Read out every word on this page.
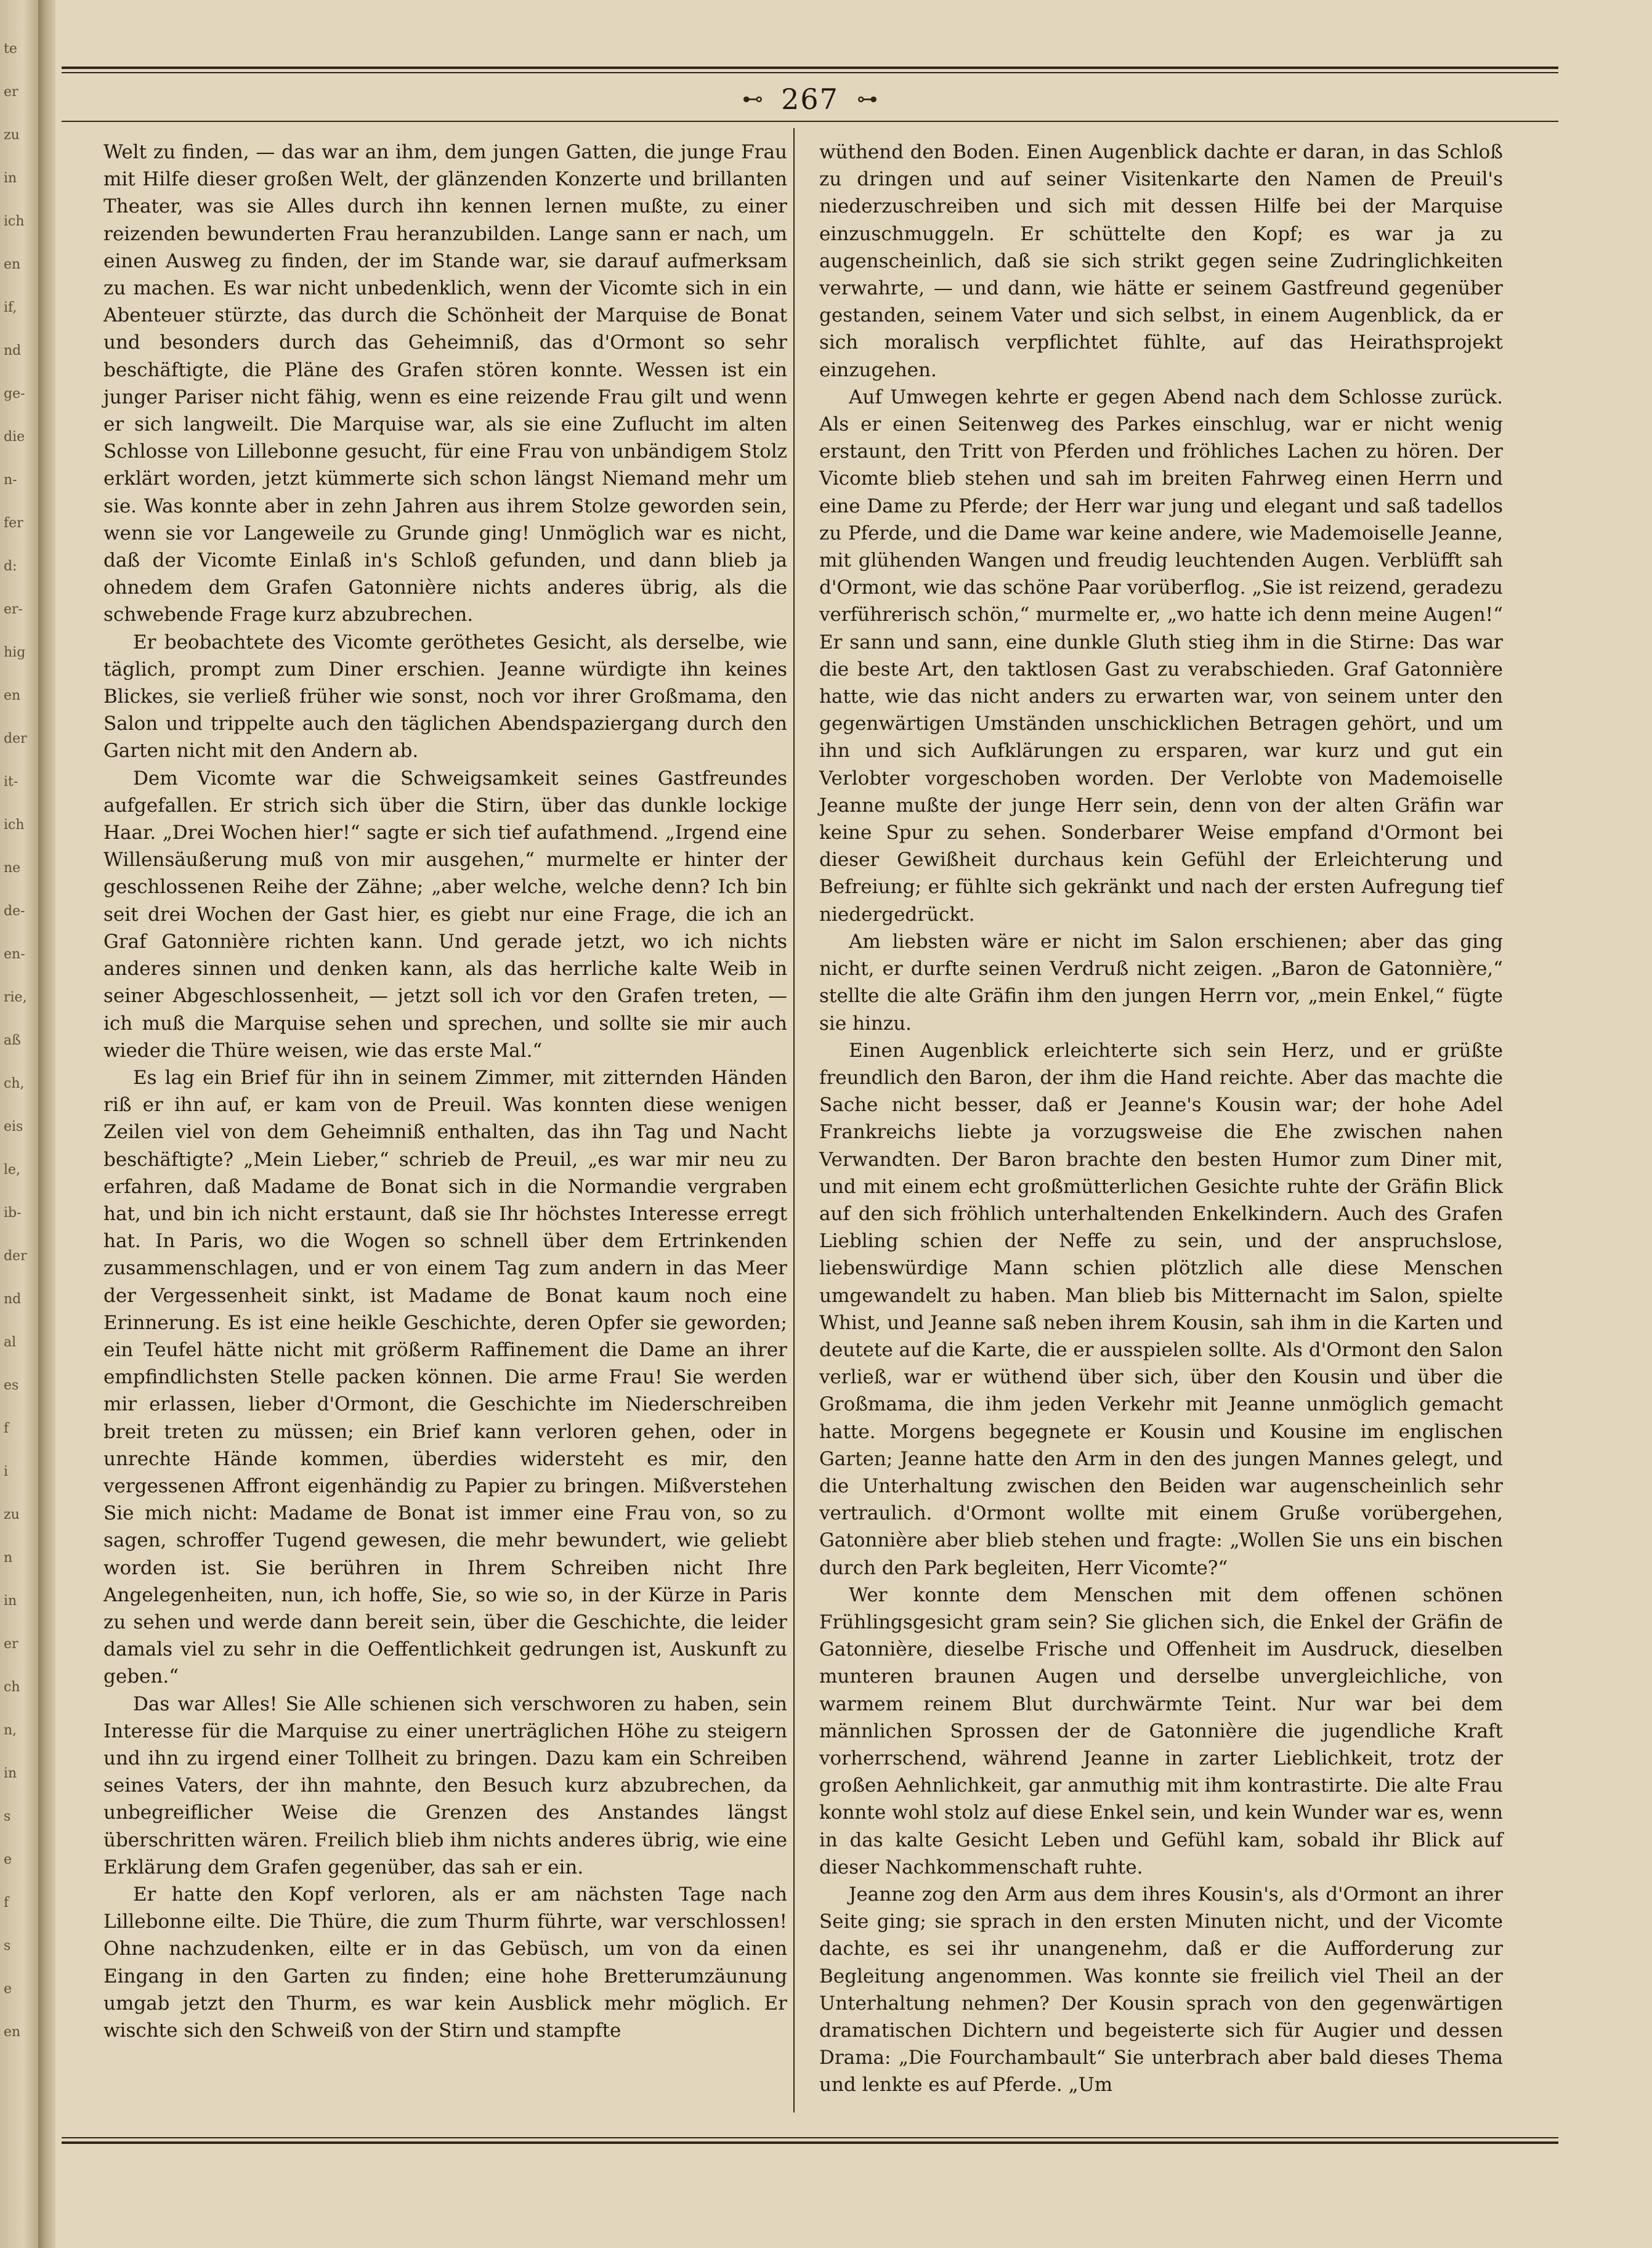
te
er
zu
in
ich
en
if,
nd
ge-
die
n-
fer
d:
er-
hig
en
der
it-
ich
ne
de-
en-
rie,
aß
ch,
eis
le,
ib-
der
nd
al
es
f
i
zu
n
in
er
ch
n,
in
s
e
f
s
e
en
⊷ 267 ⊶

Welt zu finden, — das war an ihm, dem jungen Gatten, die junge Frau mit Hilfe dieser großen Welt, der glänzenden Konzerte und brillanten Theater, was sie Alles durch ihn kennen lernen mußte, zu einer reizenden bewunderten Frau heranzubilden. Lange sann er nach, um einen Ausweg zu finden, der im Stande war, sie darauf aufmerksam zu machen. Es war nicht unbedenklich, wenn der Vicomte sich in ein Abenteuer stürzte, das durch die Schönheit der Marquise de Bonat und besonders durch das Geheimniß, das d'Ormont so sehr beschäftigte, die Pläne des Grafen stören konnte. Wessen ist ein junger Pariser nicht fähig, wenn es eine reizende Frau gilt und wenn er sich langweilt. Die Marquise war, als sie eine Zuflucht im alten Schlosse von Lillebonne gesucht, für eine Frau von unbändigem Stolz erklärt worden, jetzt kümmerte sich schon längst Niemand mehr um sie. Was konnte aber in zehn Jahren aus ihrem Stolze geworden sein, wenn sie vor Langeweile zu Grunde ging! Unmöglich war es nicht, daß der Vicomte Einlaß in's Schloß gefunden, und dann blieb ja ohnedem dem Grafen Gatonnière nichts anderes übrig, als die schwebende Frage kurz abzubrechen.

Er beobachtete des Vicomte geröthetes Gesicht, als derselbe, wie täglich, prompt zum Diner erschien. Jeanne würdigte ihn keines Blickes, sie verließ früher wie sonst, noch vor ihrer Großmama, den Salon und trippelte auch den täglichen Abendspaziergang durch den Garten nicht mit den Andern ab.

Dem Vicomte war die Schweigsamkeit seines Gastfreundes aufgefallen. Er strich sich über die Stirn, über das dunkle lockige Haar. „Drei Wochen hier!“ sagte er sich tief aufathmend. „Irgend eine Willensäußerung muß von mir ausgehen,“ murmelte er hinter der geschlossenen Reihe der Zähne; „aber welche, welche denn? Ich bin seit drei Wochen der Gast hier, es giebt nur eine Frage, die ich an Graf Gatonnière richten kann. Und gerade jetzt, wo ich nichts anderes sinnen und denken kann, als das herrliche kalte Weib in seiner Abgeschlossenheit, — jetzt soll ich vor den Grafen treten, — ich muß die Marquise sehen und sprechen, und sollte sie mir auch wieder die Thüre weisen, wie das erste Mal.“

Es lag ein Brief für ihn in seinem Zimmer, mit zitternden Händen riß er ihn auf, er kam von de Preuil. Was konnten diese wenigen Zeilen viel von dem Geheimniß enthalten, das ihn Tag und Nacht beschäftigte? „Mein Lieber,“ schrieb de Preuil, „es war mir neu zu erfahren, daß Madame de Bonat sich in die Normandie vergraben hat, und bin ich nicht erstaunt, daß sie Ihr höchstes Interesse erregt hat. In Paris, wo die Wogen so schnell über dem Ertrinkenden zusammenschlagen, und er von einem Tag zum andern in das Meer der Vergessenheit sinkt, ist Madame de Bonat kaum noch eine Erinnerung. Es ist eine heikle Geschichte, deren Opfer sie geworden; ein Teufel hätte nicht mit größerm Raffinement die Dame an ihrer empfindlichsten Stelle packen können. Die arme Frau! Sie werden mir erlassen, lieber d'Ormont, die Geschichte im Niederschreiben breit treten zu müssen; ein Brief kann verloren gehen, oder in unrechte Hände kommen, überdies widersteht es mir, den vergessenen Affront eigenhändig zu Papier zu bringen. Mißverstehen Sie mich nicht: Madame de Bonat ist immer eine Frau von, so zu sagen, schroffer Tugend gewesen, die mehr bewundert, wie geliebt worden ist. Sie berühren in Ihrem Schreiben nicht Ihre Angelegenheiten, nun, ich hoffe, Sie, so wie so, in der Kürze in Paris zu sehen und werde dann bereit sein, über die Geschichte, die leider damals viel zu sehr in die Oeffentlichkeit gedrungen ist, Auskunft zu geben.“

Das war Alles! Sie Alle schienen sich verschworen zu haben, sein Interesse für die Marquise zu einer unerträglichen Höhe zu steigern und ihn zu irgend einer Tollheit zu bringen. Dazu kam ein Schreiben seines Vaters, der ihn mahnte, den Besuch kurz abzubrechen, da unbegreiflicher Weise die Grenzen des Anstandes längst überschritten wären. Freilich blieb ihm nichts anderes übrig, wie eine Erklärung dem Grafen gegenüber, das sah er ein.

Er hatte den Kopf verloren, als er am nächsten Tage nach Lillebonne eilte. Die Thüre, die zum Thurm führte, war verschlossen! Ohne nachzudenken, eilte er in das Gebüsch, um von da einen Eingang in den Garten zu finden; eine hohe Bretterumzäunung umgab jetzt den Thurm, es war kein Ausblick mehr möglich. Er wischte sich den Schweiß von der Stirn und stampfte

wüthend den Boden. Einen Augenblick dachte er daran, in das Schloß zu dringen und auf seiner Visitenkarte den Namen de Preuil's niederzuschreiben und sich mit dessen Hilfe bei der Marquise einzuschmuggeln. Er schüttelte den Kopf; es war ja zu augenscheinlich, daß sie sich strikt gegen seine Zudringlichkeiten verwahrte, — und dann, wie hätte er seinem Gastfreund gegenüber gestanden, seinem Vater und sich selbst, in einem Augenblick, da er sich moralisch verpflichtet fühlte, auf das Heirathsprojekt einzugehen.

Auf Umwegen kehrte er gegen Abend nach dem Schlosse zurück. Als er einen Seitenweg des Parkes einschlug, war er nicht wenig erstaunt, den Tritt von Pferden und fröhliches Lachen zu hören. Der Vicomte blieb stehen und sah im breiten Fahrweg einen Herrn und eine Dame zu Pferde; der Herr war jung und elegant und saß tadellos zu Pferde, und die Dame war keine andere, wie Mademoiselle Jeanne, mit glühenden Wangen und freudig leuchtenden Augen. Verblüfft sah d'Ormont, wie das schöne Paar vorüberflog. „Sie ist reizend, geradezu verführerisch schön,“ murmelte er, „wo hatte ich denn meine Augen!“ Er sann und sann, eine dunkle Gluth stieg ihm in die Stirne: Das war die beste Art, den taktlosen Gast zu verabschieden. Graf Gatonnière hatte, wie das nicht anders zu erwarten war, von seinem unter den gegenwärtigen Umständen unschicklichen Betragen gehört, und um ihn und sich Aufklärungen zu ersparen, war kurz und gut ein Verlobter vorgeschoben worden. Der Verlobte von Mademoiselle Jeanne mußte der junge Herr sein, denn von der alten Gräfin war keine Spur zu sehen. Sonderbarer Weise empfand d'Ormont bei dieser Gewißheit durchaus kein Gefühl der Erleichterung und Befreiung; er fühlte sich gekränkt und nach der ersten Aufregung tief niedergedrückt.

Am liebsten wäre er nicht im Salon erschienen; aber das ging nicht, er durfte seinen Verdruß nicht zeigen. „Baron de Gatonnière,“ stellte die alte Gräfin ihm den jungen Herrn vor, „mein Enkel,“ fügte sie hinzu.

Einen Augenblick erleichterte sich sein Herz, und er grüßte freundlich den Baron, der ihm die Hand reichte. Aber das machte die Sache nicht besser, daß er Jeanne's Kousin war; der hohe Adel Frankreichs liebte ja vorzugsweise die Ehe zwischen nahen Verwandten. Der Baron brachte den besten Humor zum Diner mit, und mit einem echt großmütterlichen Gesichte ruhte der Gräfin Blick auf den sich fröhlich unterhaltenden Enkelkindern. Auch des Grafen Liebling schien der Neffe zu sein, und der anspruchslose, liebenswürdige Mann schien plötzlich alle diese Menschen umgewandelt zu haben. Man blieb bis Mitternacht im Salon, spielte Whist, und Jeanne saß neben ihrem Kousin, sah ihm in die Karten und deutete auf die Karte, die er ausspielen sollte. Als d'Ormont den Salon verließ, war er wüthend über sich, über den Kousin und über die Großmama, die ihm jeden Verkehr mit Jeanne unmöglich gemacht hatte. Morgens begegnete er Kousin und Kousine im englischen Garten; Jeanne hatte den Arm in den des jungen Mannes gelegt, und die Unterhaltung zwischen den Beiden war augenscheinlich sehr vertraulich. d'Ormont wollte mit einem Gruße vorübergehen, Gatonnière aber blieb stehen und fragte: „Wollen Sie uns ein bischen durch den Park begleiten, Herr Vicomte?“

Wer konnte dem Menschen mit dem offenen schönen Frühlingsgesicht gram sein? Sie glichen sich, die Enkel der Gräfin de Gatonnière, dieselbe Frische und Offenheit im Ausdruck, dieselben munteren braunen Augen und derselbe unvergleichliche, von warmem reinem Blut durchwärmte Teint. Nur war bei dem männlichen Sprossen der de Gatonnière die jugendliche Kraft vorherrschend, während Jeanne in zarter Lieblichkeit, trotz der großen Aehnlichkeit, gar anmuthig mit ihm kontrastirte. Die alte Frau konnte wohl stolz auf diese Enkel sein, und kein Wunder war es, wenn in das kalte Gesicht Leben und Gefühl kam, sobald ihr Blick auf dieser Nachkommenschaft ruhte.

Jeanne zog den Arm aus dem ihres Kousin's, als d'Ormont an ihrer Seite ging; sie sprach in den ersten Minuten nicht, und der Vicomte dachte, es sei ihr unangenehm, daß er die Aufforderung zur Begleitung angenommen. Was konnte sie freilich viel Theil an der Unterhaltung nehmen? Der Kousin sprach von den gegenwärtigen dramatischen Dichtern und begeisterte sich für Augier und dessen Drama: „Die Fourchambault“ Sie unterbrach aber bald dieses Thema und lenkte es auf Pferde. „Um
